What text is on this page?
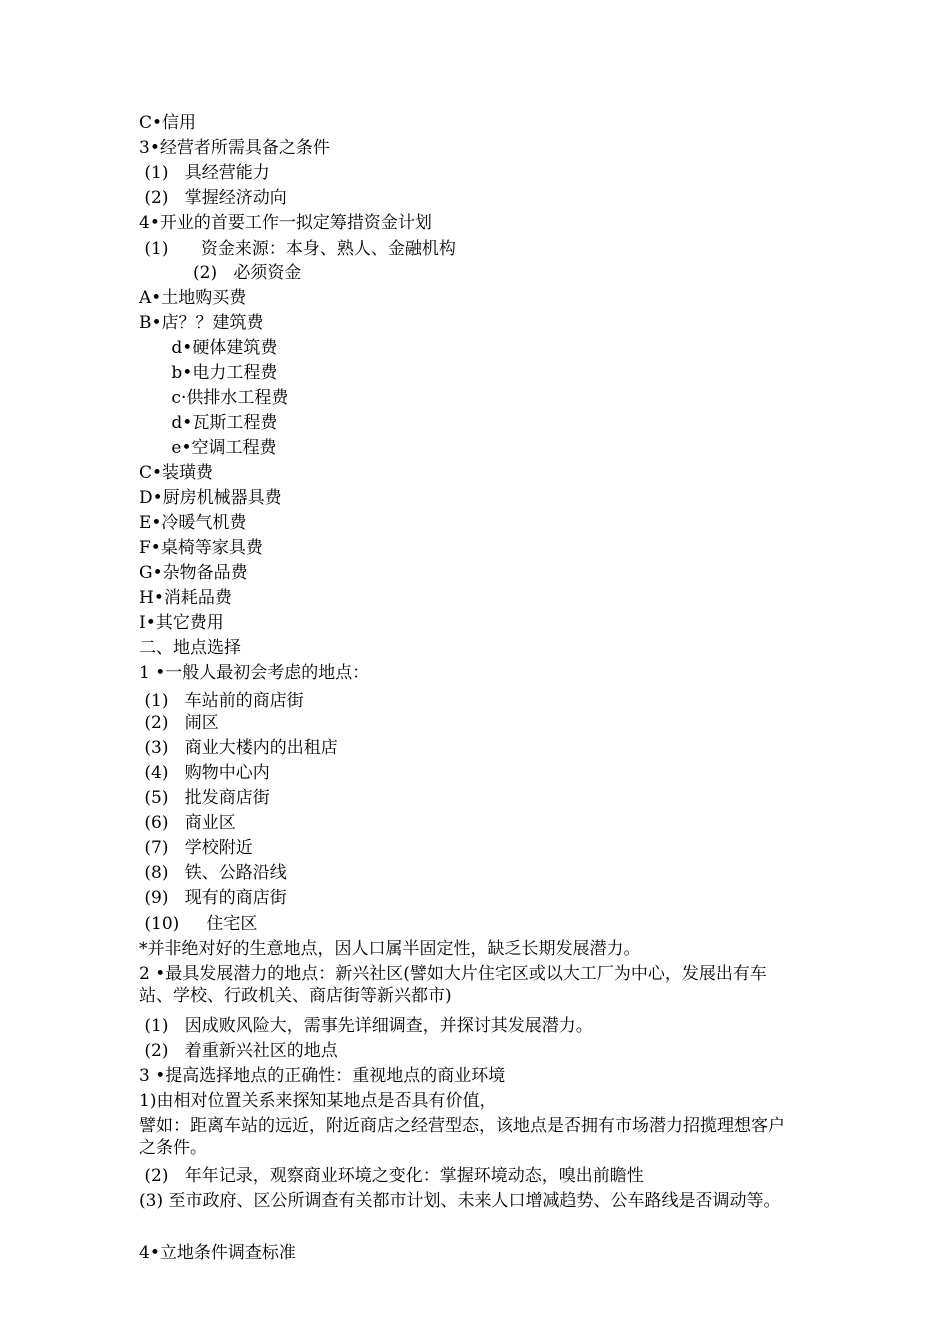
C•信用
3•经营者所需具备之条件
(1)   具经营能力
(2)   掌握经济动向
4•开业的首要工作一拟定筹措资金计划
(1)      资金来源：本身、熟人、金融机构
(2)   必须资金
A•土地购买费
B•店？？建筑费
d•硬体建筑费
b•电力工程费
c·供排水工程费
d•瓦斯工程费
e•空调工程费
C•装璜费
D•厨房机械器具费
E•冷暖气机费
F•桌椅等家具费
G•杂物备品费
H•消耗品费
I•其它费用
二、地点选择
1 •一般人最初会考虑的地点：
(1)   车站前的商店街
(2)   闹区
(3)   商业大楼内的出租店
(4)   购物中心内
(5)   批发商店街
(6)   商业区
(7)   学校附近
(8)   铁、公路沿线
(9)   现有的商店街
(10)     住宅区
*并非绝对好的生意地点，因人口属半固定性，缺乏长期发展潜力。
2 •最具发展潜力的地点：新兴社区(譬如大片住宅区或以大工厂为中心，发展出有车站、学校、行政机关、商店街等新兴都市)
(1)   因成败风险大，需事先详细调查，并探讨其发展潜力。
(2)   着重新兴社区的地点
3 •提高选择地点的正确性：重视地点的商业环境
1)由相对位置关系来探知某地点是否具有价值，
譬如：距离车站的远近，附近商店之经营型态，该地点是否拥有市场潜力招揽理想客户之条件。
(2)   年年记录，观察商业环境之变化：掌握环境动态，嗅出前瞻性
(3) 至市政府、区公所调查有关都市计划、未来人口增减趋势、公车路线是否调动等。
4•立地条件调查标准
